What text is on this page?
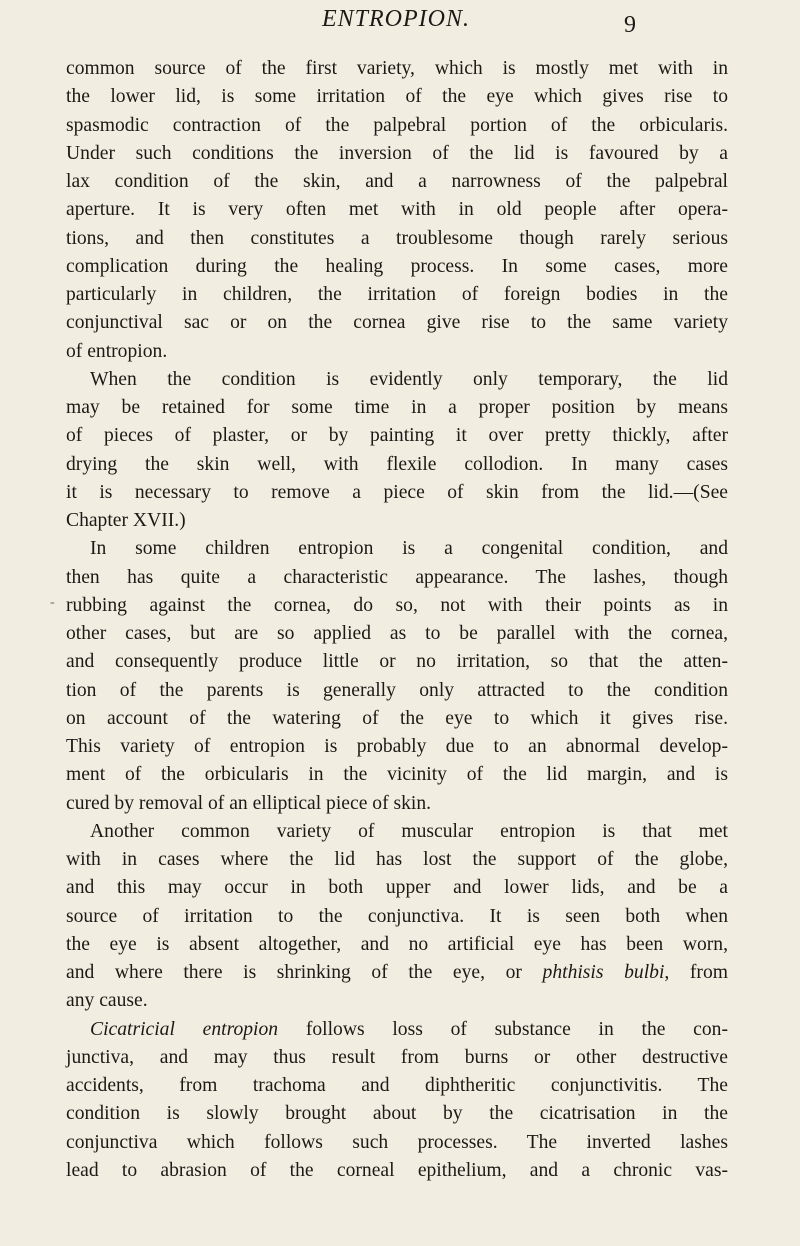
ENTROPION.	9
common source of the first variety, which is mostly met with in
the lower lid, is some irritation of the eye which gives rise to
spasmodic contraction of the palpebral portion of the orbicularis.
Under such conditions the inversion of the lid is favoured by a
lax condition of the skin, and a narrowness of the palpebral
aperture. It is very often met with in old people after opera-
tions, and then constitutes a troublesome though rarely serious
complication during the healing process. In some cases, more
particularly in children, the irritation of foreign bodies in the
conjunctival sac or on the cornea give rise to the same variety
of entropion.
When the condition is evidently only temporary, the lid
may be retained for some time in a proper position by means
of pieces of plaster, or by painting it over pretty thickly, after
drying the skin well, with flexile collodion. In many cases
it is necessary to remove a piece of skin from the lid.—(See
Chapter XVII.)
In some children entropion is a congenital condition, and
then has quite a characteristic appearance. The lashes, though
rubbing against the cornea, do so, not with their points as in
other cases, but are so applied as to be parallel with the cornea,
and consequently produce little or no irritation, so that the atten-
tion of the parents is generally only attracted to the condition
on account of the watering of the eye to which it gives rise.
This variety of entropion is probably due to an abnormal develop-
ment of the orbicularis in the vicinity of the lid margin, and is
cured by removal of an elliptical piece of skin.
Another common variety of muscular entropion is that met
with in cases where the lid has lost the support of the globe,
and this may occur in both upper and lower lids, and be a
source of irritation to the conjunctiva. It is seen both when
the eye is absent altogether, and no artificial eye has been worn,
and where there is shrinking of the eye, or phthisis bulbi, from
any cause.
Cicatricial entropion follows loss of substance in the con-
junctiva, and may thus result from burns or other destructive
accidents, from trachoma and diphtheritic conjunctivitis. The
condition is slowly brought about by the cicatrisation in the
conjunctiva which follows such processes. The inverted lashes
lead to abrasion of the corneal epithelium, and a chronic vas-
-
